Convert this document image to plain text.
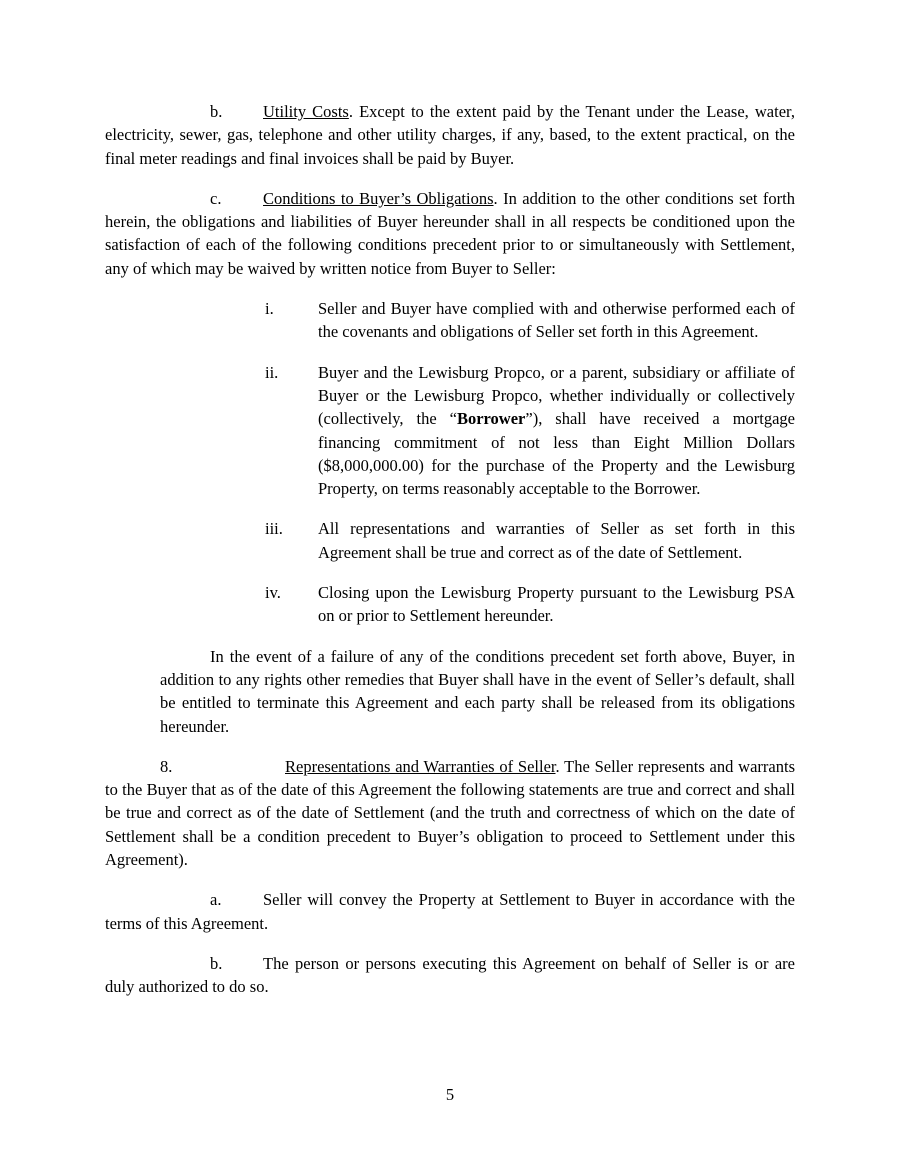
b. Utility Costs. Except to the extent paid by the Tenant under the Lease, water, electricity, sewer, gas, telephone and other utility charges, if any, based, to the extent practical, on the final meter readings and final invoices shall be paid by Buyer.

c.	Conditions to Buyer’s Obligations. In addition to the other conditions set forth herein, the obligations and liabilities of Buyer hereunder shall in all respects be conditioned upon the satisfaction of each of the following conditions precedent prior to or simultaneously with Settlement, any of which may be waived by written notice from Buyer to Seller:

i.	Seller and Buyer have complied with and otherwise performed each of the covenants and obligations of Seller set forth in this Agreement.
ii.	Buyer and the Lewisburg Propco, or a parent, subsidiary or affiliate of Buyer or the Lewisburg Propco, whether individually or collectively (collectively, the “Borrower”), shall have received a mortgage financing commitment of not less than Eight Million Dollars ($8,000,000.00) for the purchase of the Property and the Lewisburg Property, on terms reasonably acceptable to the Borrower.
iii.	All representations and warranties of Seller as set forth in this Agreement shall be true and correct as of the date of Settlement.
iv.	Closing upon the Lewisburg Property pursuant to the Lewisburg PSA on or prior to Settlement hereunder.

In the event of a failure of any of the conditions precedent set forth above, Buyer, in addition to any rights other remedies that Buyer shall have in the event of Seller’s default, shall be entitled to terminate this Agreement and each party shall be released from its obligations hereunder.

8.	Representations and Warranties of Seller. The Seller represents and warrants to the Buyer that as of the date of this Agreement the following statements are true and correct and shall be true and correct as of the date of Settlement (and the truth and correctness of which on the date of Settlement shall be a condition precedent to Buyer’s obligation to proceed to Settlement under this Agreement).

a.	Seller will convey the Property at Settlement to Buyer in accordance with the terms of this Agreement.

b. The person or persons executing this Agreement on behalf of Seller is or are duly authorized to do so.

5
